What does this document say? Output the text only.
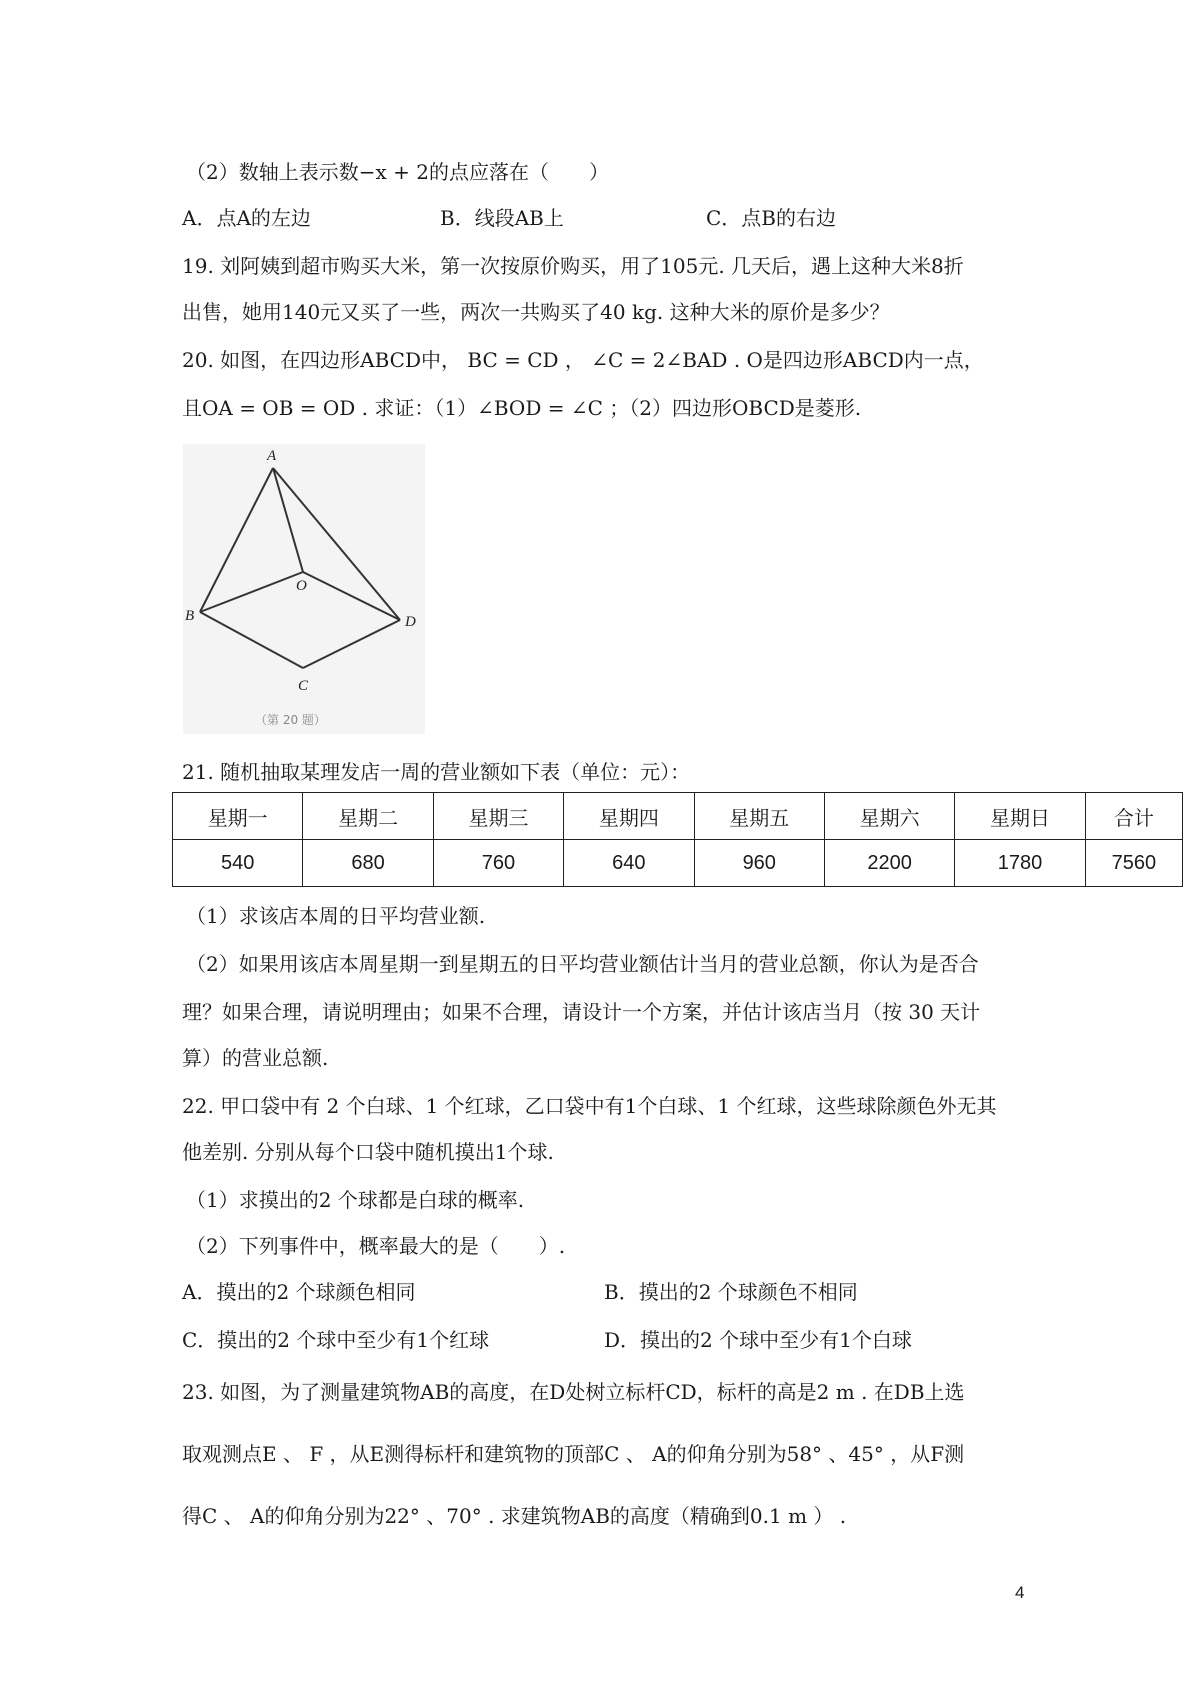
（2）数轴上表示数−x + 2的点应落在（　　）
A．点A的左边	B．线段AB上	C．点B的右边
19. 刘阿姨到超市购买大米，第一次按原价购买，用了105元. 几天后，遇上这种大米8折
出售，她用140元又买了一些，两次一共购买了40 kg. 这种大米的原价是多少？
20. 如图，在四边形ABCD中， BC = CD ， ∠C = 2∠BAD . O是四边形ABCD内一点，
且OA = OB = OD . 求证：（1）∠BOD = ∠C ；（2）四边形OBCD是菱形.
A
B
C
D
O
（第 20 题）
21. 随机抽取某理发店一周的营业额如下表（单位：元）：
星期一	星期二	星期三	星期四	星期五	星期六	星期日	合计
540	680	760	640	960	2200	1780	7560
（1）求该店本周的日平均营业额.
（2）如果用该店本周星期一到星期五的日平均营业额估计当月的营业总额，你认为是否合
理？如果合理，请说明理由；如果不合理，请设计一个方案，并估计该店当月（按 30 天计
算）的营业总额.
22. 甲口袋中有 2 个白球、1 个红球，乙口袋中有1个白球、1 个红球，这些球除颜色外无其
他差别. 分别从每个口袋中随机摸出1个球.
（1）求摸出的2 个球都是白球的概率.
（2）下列事件中，概率最大的是（　　）.
A．摸出的2 个球颜色相同	B．摸出的2 个球颜色不相同
C．摸出的2 个球中至少有1个红球	D．摸出的2 个球中至少有1个白球
23. 如图，为了测量建筑物AB的高度，在D处树立标杆CD，标杆的高是2 m . 在DB上选
取观测点E 、 F ，从E测得标杆和建筑物的顶部C 、 A的仰角分别为58° 、45° ，从F测
得C 、 A的仰角分别为22° 、70° . 求建筑物AB的高度（精确到0.1 m ） .
4
